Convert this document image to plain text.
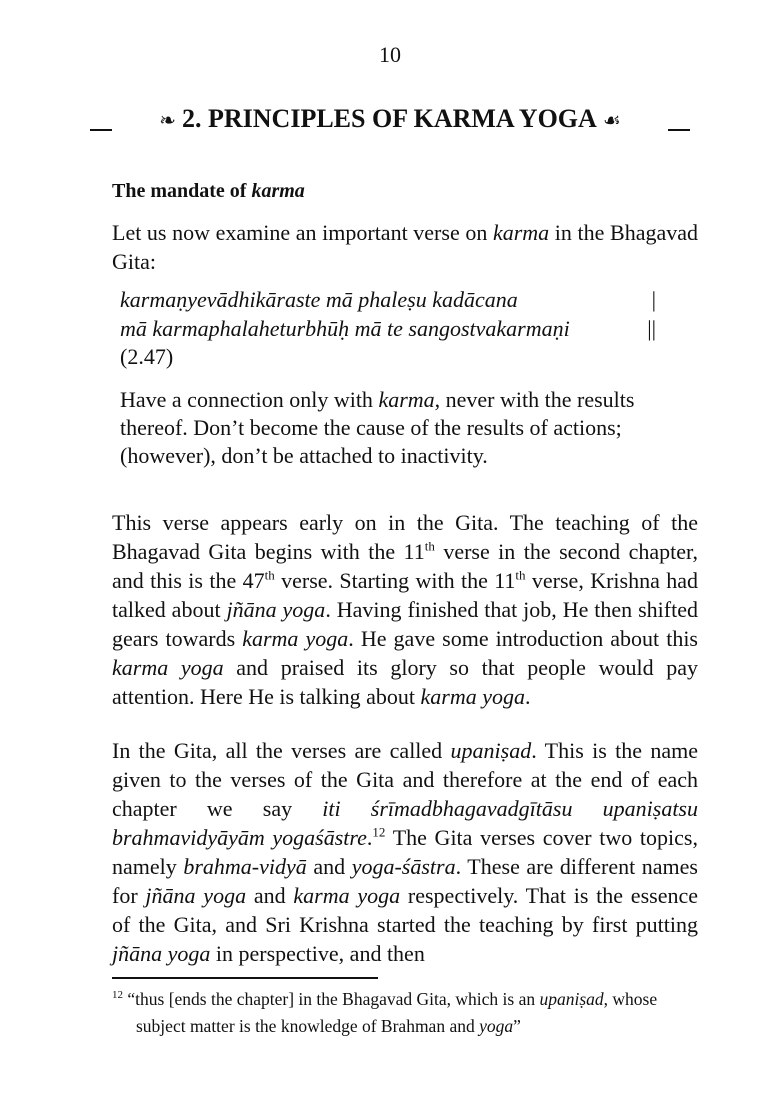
10
❧ 2. PRINCIPLES OF KARMA YOGA ☙
The mandate of karma

Let us now examine an important verse on karma in the Bhagavad Gita:

karmaṇyevādhikāraste mā phaleṣu kadācana	|
mā karmaphalaheturbhūḥ mā te sangostvakarmaṇi	||
(2.47)

Have a connection only with karma, never with the results thereof. Don’t become the cause of the results of actions; (however), don’t be attached to inactivity.

This verse appears early on in the Gita. The teaching of the Bhagavad Gita begins with the 11th verse in the second chapter, and this is the 47th verse. Starting with the 11th verse, Krishna had talked about jñāna yoga. Having finished that job, He then shifted gears towards karma yoga. He gave some introduction about this karma yoga and praised its glory so that people would pay attention. Here He is talking about karma yoga.

In the Gita, all the verses are called upaniṣad. This is the name given to the verses of the Gita and therefore at the end of each chapter we say iti śrīmadbhagavadgītāsu upaniṣatsu brahmavidyāyām yogaśāstre.$^{12}$ The Gita verses cover two topics, namely brahma-vidyā and yoga-śāstra. These are different names for jñāna yoga and karma yoga respectively. That is the essence of the Gita, and Sri Krishna started the teaching by first putting jñāna yoga in perspective, and then

$^{12}$ “thus [ends the chapter] in the Bhagavad Gita, which is an upaniṣad, whose subject matter is the knowledge of Brahman and yoga”
